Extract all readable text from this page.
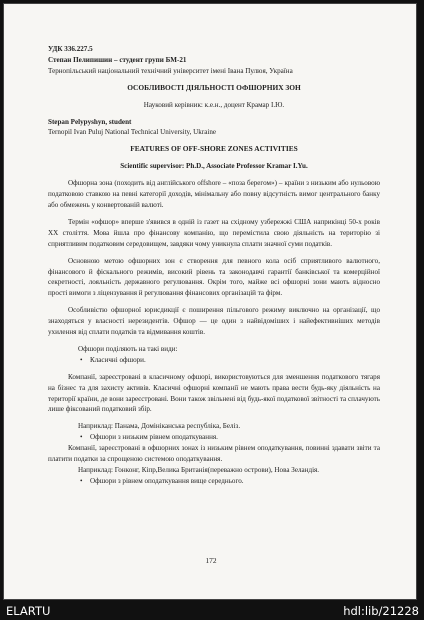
УДК 336.227.5

Степан Пелипишин – студент групи БМ-21

Тернопільський національний технічний університет імені Івана Пулюя, Україна

ОСОБЛИВОСТІ ДІЯЛЬНОСТІ ОФШОРНИХ ЗОН

Науковий керівник: к.е.н., доцент Крамар І.Ю.

Stepan Pelypyshyn, student

Ternopil Ivan Puluj National Technical University, Ukraine

FEATURES OF OFF-SHORE ZONES ACTIVITIES

Scientific supervisor: Ph.D., Associate Professor Kramar I.Yu.

Офшорна зона (походить від англійського offshore – «поза берегом») – країни з низьким або нульовою податковою ставкою на певні категорії доходів, мінімальну або повну відсутність вимог центрального банку або обмежень у конвертованій валюті.

Термін «офшор» вперше з'явився в одній із газет на східному узбережжі США наприкінці 50-х років XX століття. Мова йшла про фінансову компанію, що перемістила свою діяльність на територію зі сприятливим податковим середовищем, завдяки чому уникнула сплати значної суми податків.

Основною метою офшорних зон є створення для певного кола осіб сприятливого валютного, фінансового й фіскального режимів, високий рівень та законодавчі гарантії банківської та комерційної секретності, лояльність державного регулювання. Окрім того, майже всі офшорні зони мають відносно прості вимоги з ліцензування й регулювання фінансових організацій та фірм.

Особливістю офшорної юрисдикції є поширення пільгового режиму виключно на організації, що знаходяться у власності нерезидентів. Офшор — це один з найвідоміших і найефективніших методів ухилення від сплати податків та відмивання коштів.

Офшори поділяють на такі види:

• Класичні офшори.

Компанії, зареєстровані в класичному офшорі, використовуються для зменшення податкового тягаря на бізнес та для захисту активів. Класичні офшорні компанії не мають права вести будь-яку діяльність на території країни, де вони зареєстровані. Вони також звільнені від будь-якої податкової звітності та сплачують лише фіксований податковий збір.

Наприклад: Панама, Домініканська республіка, Беліз.

• Офшори з низьким рівнем оподаткування.

Компанії, зареєстровані в офшорних зонах із низьким рівнем оподаткування, повинні здавати звіти та платити податки за спрощеною системою оподаткування.

Наприклад: Гонконг, Кіпр,Велика Британія(переважно острови), Нова Зеландія.

• Офшори з рівнем оподаткування вище середнього.

172
ELARTU	hdl:lib/21228
